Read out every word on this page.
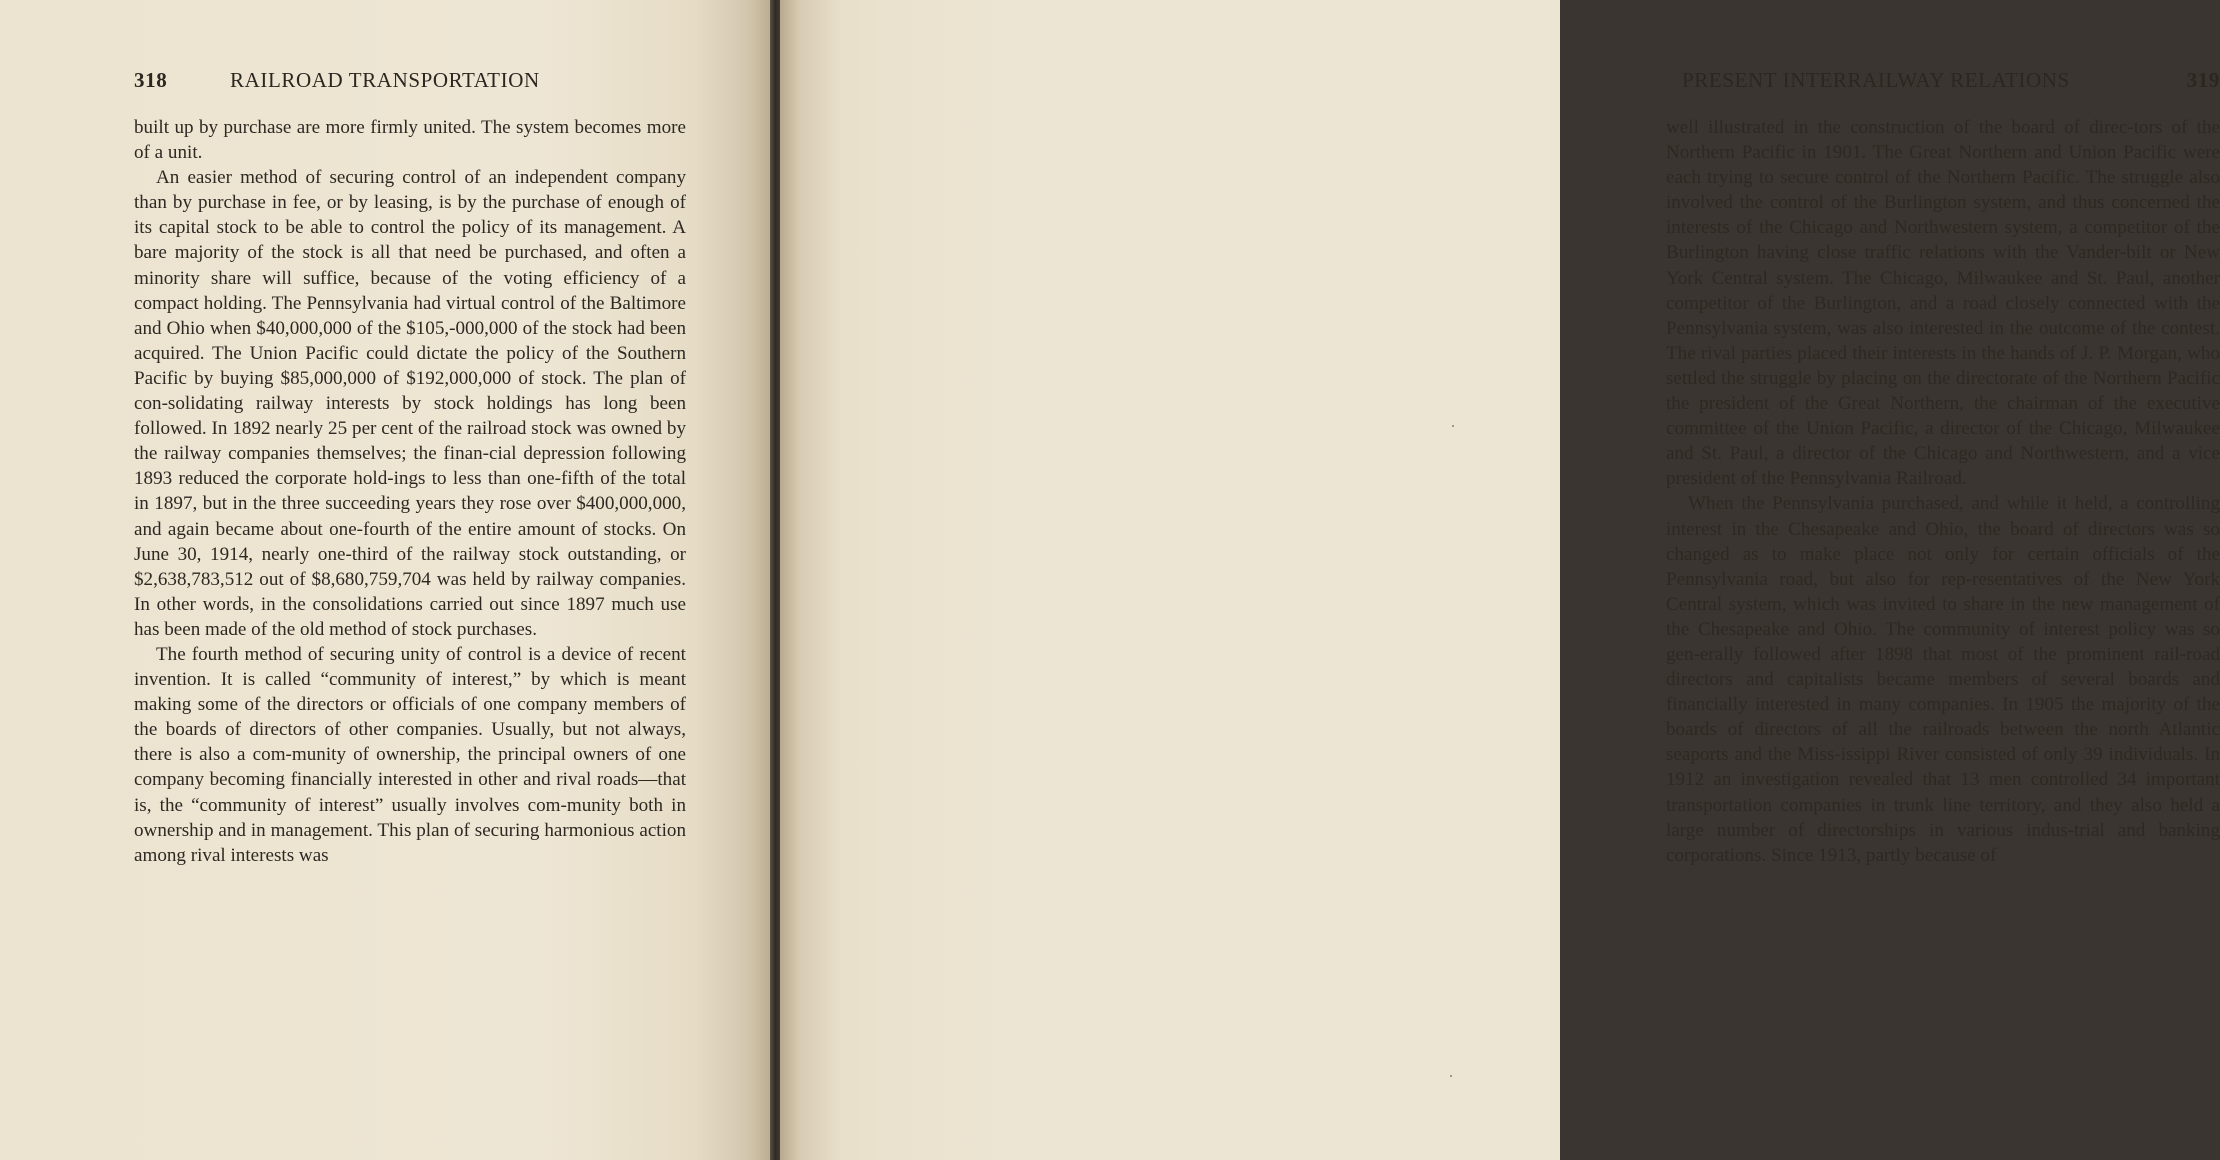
318	RAILROAD TRANSPORTATION

built up by purchase are more firmly united. The system becomes more of a unit.

An easier method of securing control of an independent company than by purchase in fee, or by leasing, is by the purchase of enough of its capital stock to be able to control the policy of its management. A bare majority of the stock is all that need be purchased, and often a minority share will suffice, because of the voting efficiency of a compact holding. The Pennsylvania had virtual control of the Baltimore and Ohio when $40,000,000 of the $105,-000,000 of the stock had been acquired. The Union Pacific could dictate the policy of the Southern Pacific by buying $85,000,000 of $192,000,000 of stock. The plan of con-solidating railway interests by stock holdings has long been followed. In 1892 nearly 25 per cent of the railroad stock was owned by the railway companies themselves; the finan-cial depression following 1893 reduced the corporate hold-ings to less than one-fifth of the total in 1897, but in the three succeeding years they rose over $400,000,000, and again became about one-fourth of the entire amount of stocks. On June 30, 1914, nearly one-third of the railway stock outstanding, or $2,638,783,512 out of $8,680,759,704 was held by railway companies. In other words, in the consolidations carried out since 1897 much use has been made of the old method of stock purchases.

The fourth method of securing unity of control is a device of recent invention. It is called “community of interest,” by which is meant making some of the directors or officials of one company members of the boards of directors of other companies. Usually, but not always, there is also a com-munity of ownership, the principal owners of one company becoming financially interested in other and rival roads—that is, the “community of interest” usually involves com-munity both in ownership and in management. This plan of securing harmonious action among rival interests was

PRESENT INTERRAILWAY RELATIONS	319

well illustrated in the construction of the board of direc-tors of the Northern Pacific in 1901. The Great Northern and Union Pacific were each trying to secure control of the Northern Pacific. The struggle also involved the control of the Burlington system, and thus concerned the interests of the Chicago and Northwestern system, a competitor of the Burlington having close traffic relations with the Vander-bilt or New York Central system. The Chicago, Milwaukee and St. Paul, another competitor of the Burlington, and a road closely connected with the Pennsylvania system, was also interested in the outcome of the contest. The rival parties placed their interests in the hands of J. P. Morgan, who settled the struggle by placing on the directorate of the Northern Pacific the president of the Great Northern, the chairman of the executive committee of the Union Pacific, a director of the Chicago, Milwaukee and St. Paul, a director of the Chicago and Northwestern, and a vice president of the Pennsylvania Railroad.

When the Pennsylvania purchased, and while it held, a controlling interest in the Chesapeake and Ohio, the board of directors was so changed as to make place not only for certain officials of the Pennsylvania road, but also for rep-resentatives of the New York Central system, which was invited to share in the new management of the Chesapeake and Ohio. The community of interest policy was so gen-erally followed after 1898 that most of the prominent rail-road directors and capitalists became members of several boards and financially interested in many companies. In 1905 the majority of the boards of directors of all the railroads between the north Atlantic seaports and the Miss-issippi River consisted of only 39 individuals. In 1912 an investigation revealed that 13 men controlled 34 important transportation companies in trunk line territory, and they also held a large number of directorships in various indus-trial and banking corporations. Since 1913, partly because of
